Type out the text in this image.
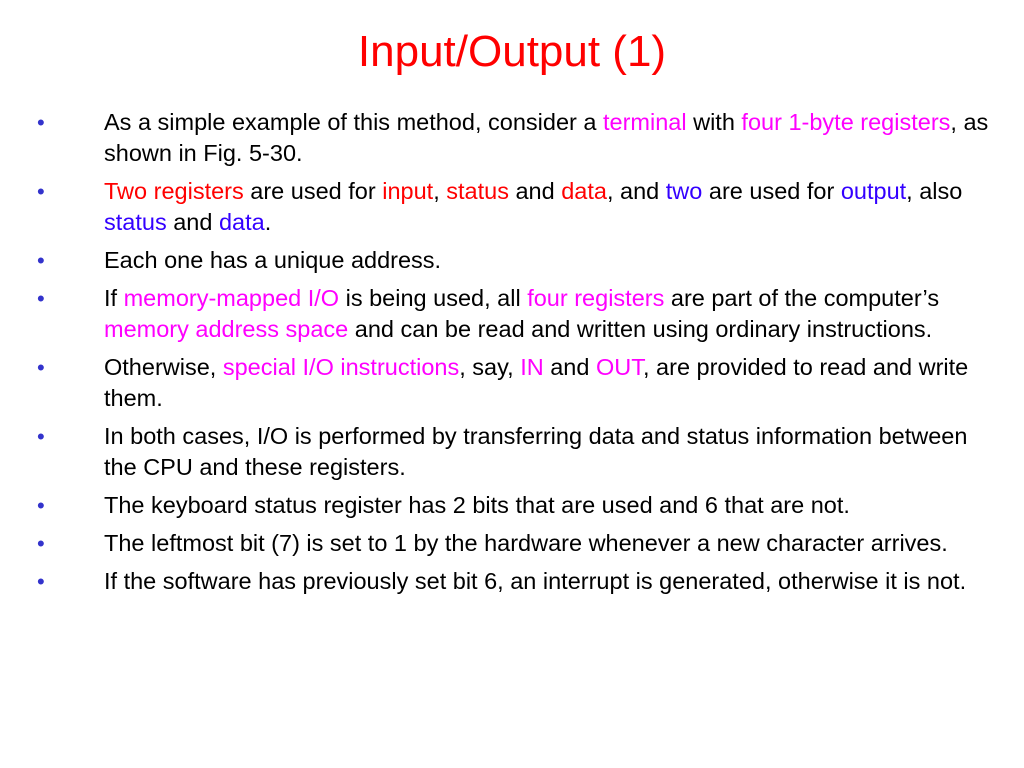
Input/Output (1)
•	As a simple example of this method, consider a terminal with four 1-byte registers, as shown in Fig. 5-30.
•	Two registers are used for input, status and data, and two are used for output, also status and data.
•	Each one has a unique address.
•	If memory-mapped I/O is being used, all four registers are part of the computer’s memory address space and can be read and written using ordinary instructions.
•	Otherwise, special I/O instructions, say, IN and OUT, are provided to read and write them.
•	In both cases, I/O is performed by transferring data and status information between the CPU and these registers.
•	The keyboard status register has 2 bits that are used and 6 that are not.
•	The leftmost bit (7) is set to 1 by the hardware whenever a new character arrives.
•	If the software has previously set bit 6, an interrupt is generated, otherwise it is not.
